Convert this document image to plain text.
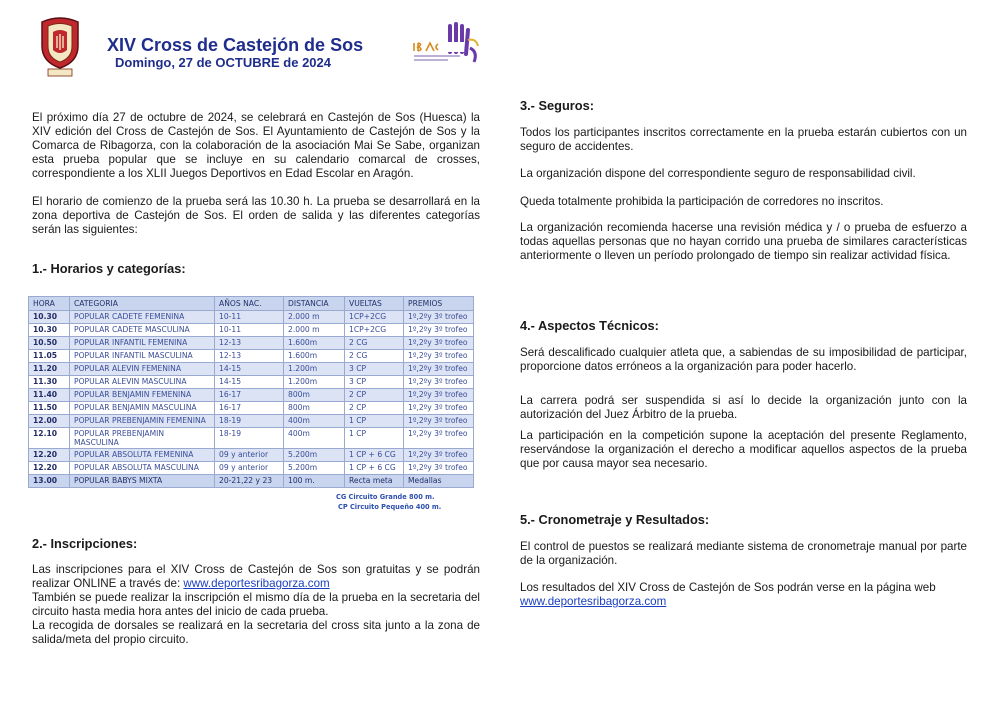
XIV Cross de Castejón de Sos
Domingo, 27 de OCTUBRE de 2024

El próximo día 27 de octubre de 2024, se celebrará en Castejón de Sos (Huesca) la XIV edición del Cross de Castejón de Sos. El Ayuntamiento de Castejón de Sos y la Comarca de Ribagorza, con la colaboración de la asociación Mai Se Sabe, organizan esta prueba popular que se incluye en su calendario comarcal de crosses, correspondiente a los XLII Juegos Deportivos en Edad Escolar en Aragón.

El horario de comienzo de la prueba será las 10.30 h. La prueba se desarrollará en la zona deportiva de Castejón de Sos. El orden de salida y las diferentes categorías serán las siguientes:

1.- Horarios y categorías:
HORA	CATEGORIA	AÑOS NAC.	DISTANCIA	VUELTAS	PREMIOS
10.30	POPULAR CADETE FEMENINA	10-11	2.000 m	1CP+2CG	1º,2ºy 3º trofeo
10.30	POPULAR CADETE MASCULINA	10-11	2.000 m	1CP+2CG	1º,2ºy 3º trofeo
10.50	POPULAR INFANTIL FEMENINA	12-13	1.600m	2 CG	1º,2ºy 3º trofeo
11.05	POPULAR INFANTIL MASCULINA	12-13	1.600m	2 CG	1º,2ºy 3º trofeo
11.20	POPULAR ALEVIN FEMENINA	14-15	1.200m	3 CP	1º,2ºy 3º trofeo
11.30	POPULAR ALEVIN MASCULINA	14-15	1.200m	3 CP	1º,2ºy 3º trofeo
11.40	POPULAR BENJAMIN FEMENINA	16-17	800m	2 CP	1º,2ºy 3º trofeo
11.50	POPULAR BENJAMIN MASCULINA	16-17	800m	2 CP	1º,2ºy 3º trofeo
12.00	POPULAR PREBENJAMIN FEMENINA	18-19	400m	1 CP	1º,2ºy 3º trofeo
12.10	POPULAR PREBENJAMIN MASCULINA	18-19	400m	1 CP	1º,2ºy 3º trofeo
12.20	POPULAR ABSOLUTA FEMENINA	09 y anterior	5.200m	1 CP + 6 CG	1º,2ºy 3º trofeo
12.20	POPULAR ABSOLUTA MASCULINA	09 y anterior	5.200m	1 CP + 6 CG	1º,2ºy 3º trofeo
13.00	POPULAR BABYS MIXTA	20-21,22 y 23	100 m.	Recta meta	Medallas
CG Circuito Grande 800 m.
CP Circuito Pequeño 400 m.
2.- Inscripciones:
Las inscripciones para el XIV Cross de Castejón de Sos son gratuitas y se podrán realizar ONLINE a través de: www.deportesribagorza.com
También se puede realizar la inscripción el mismo día de la prueba en la secretaria del circuito hasta media hora antes del inicio de cada prueba.
La recogida de dorsales se realizará en la secretaria del cross sita junto a la zona de salida/meta del propio circuito.
3.- Seguros:

Todos los participantes inscritos correctamente en la prueba estarán cubiertos con un seguro de accidentes.

La organización dispone del correspondiente seguro de responsabilidad civil.

Queda totalmente prohibida la participación de corredores no inscritos.

La organización recomienda hacerse una revisión médica y / o prueba de esfuerzo a todas aquellas personas que no hayan corrido una prueba de similares características anteriormente o lleven un período prolongado de tiempo sin realizar actividad física.

4.- Aspectos Técnicos:

Será descalificado cualquier atleta que, a sabiendas de su imposibilidad de participar, proporcione datos erróneos a la organización para poder hacerlo.

La carrera podrá ser suspendida si así lo decide la organización junto con la autorización del Juez Árbitro de la prueba.

La participación en la competición supone la aceptación del presente Reglamento, reservándose la organización el derecho a modificar aquellos aspectos de la prueba que por causa mayor sea necesario.

5.- Cronometraje y Resultados:

El control de puestos se realizará mediante sistema de cronometraje manual por parte de la organización.

Los resultados del XIV Cross de Castejón de Sos podrán verse en la página web
www.deportesribagorza.com
